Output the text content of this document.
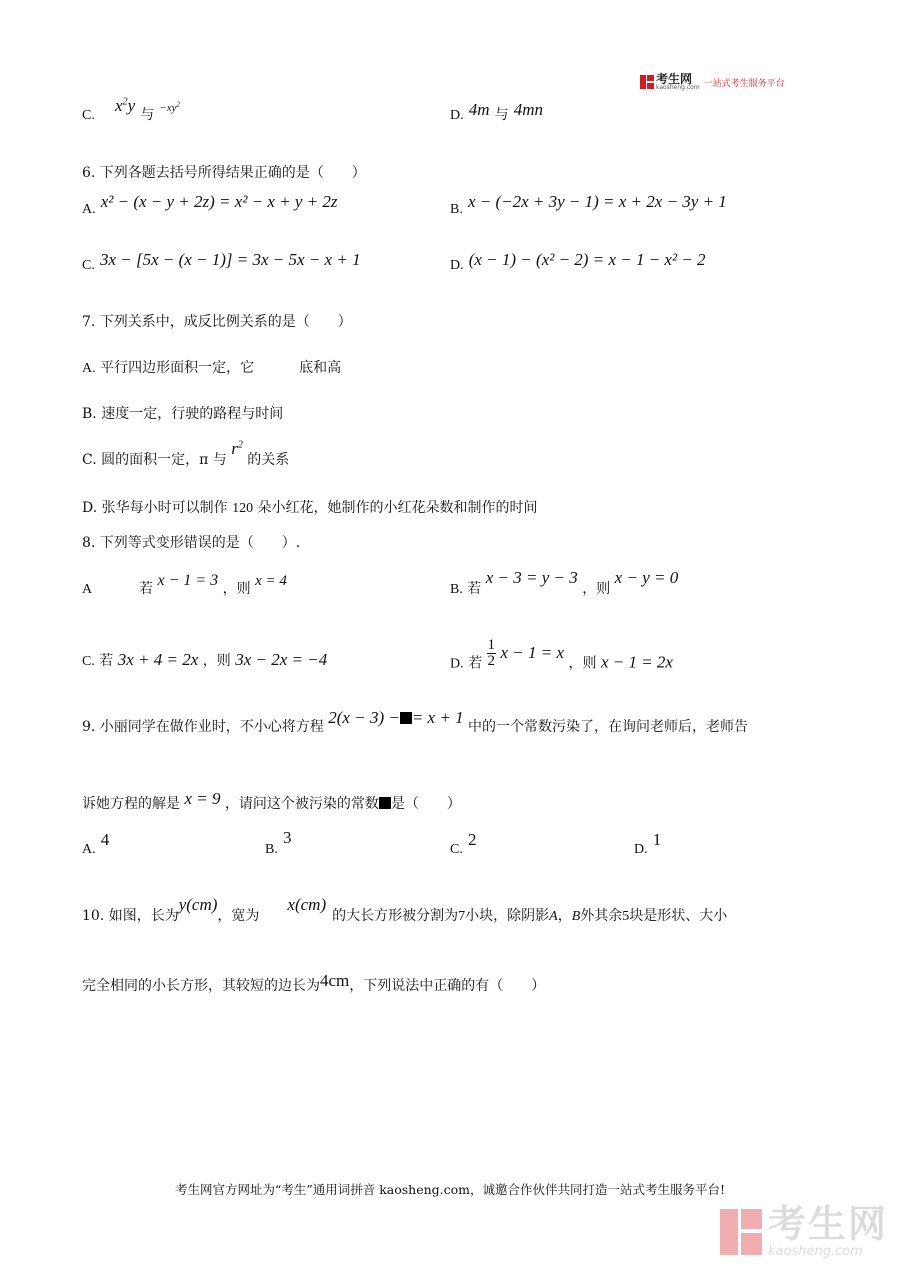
考生网
kaosheng.com 一站式考生服务平台
C.  $x^2y$ 与 $^{-xy^2}$
D. 4m 与 4mn
6. 下列各题去括号所得结果正确的是（　　）
A. x² − (x − y + 2z) = x² − x + y + 2z	B. x − (−2x + 3y − 1) = x + 2x − 3y + 1
C. 3x − [5x − (x − 1)] = 3x − 5x − x + 1	D. (x − 1) − (x² − 2) = x − 1 − x² − 2
7. 下列关系中，成反比例关系的是（　　）
A. 平行四边形面积一定，它	底和高
B. 速度一定，行驶的路程与时间
C. 圆的面积一定，π 与 $r^2$ 的关系
D. 张华每小时可以制作 120 朵小红花，她制作的小红花朵数和制作的时间
8. 下列等式变形错误的是（　　）.
A	若 x − 1 = 3 ，则 x = 4
B. 若 x − 3 = y − 3 ，则 x − y = 0
C. 若 3x + 4 = 2x ，则 3x − 2x = −4	D. 若 $\frac{1}{2}$ x − 1 = x ，则 x − 1 = 2x
9. 小丽同学在做作业时，不小心将方程 2(x − 3) − = x + 1 中的一个常数污染了，在询问老师后，老师告
诉她方程的解是 x = 9 ，请问这个被污染的常数 是（　　）
A. 4
B. 3
C. 2
D. 1
10. 如图，长为y(cm)，宽为x(cm)的大长方形被分割为7小块，除阴影A，B外其余5块是形状、大小
完全相同的小长方形，其较短的边长为4cm，下列说法中正确的有（　　）
考生网官方网址为“考生”通用词拼音 kaosheng.com，诚邀合作伙伴共同打造一站式考生服务平台!
考生网
kaosheng.com
